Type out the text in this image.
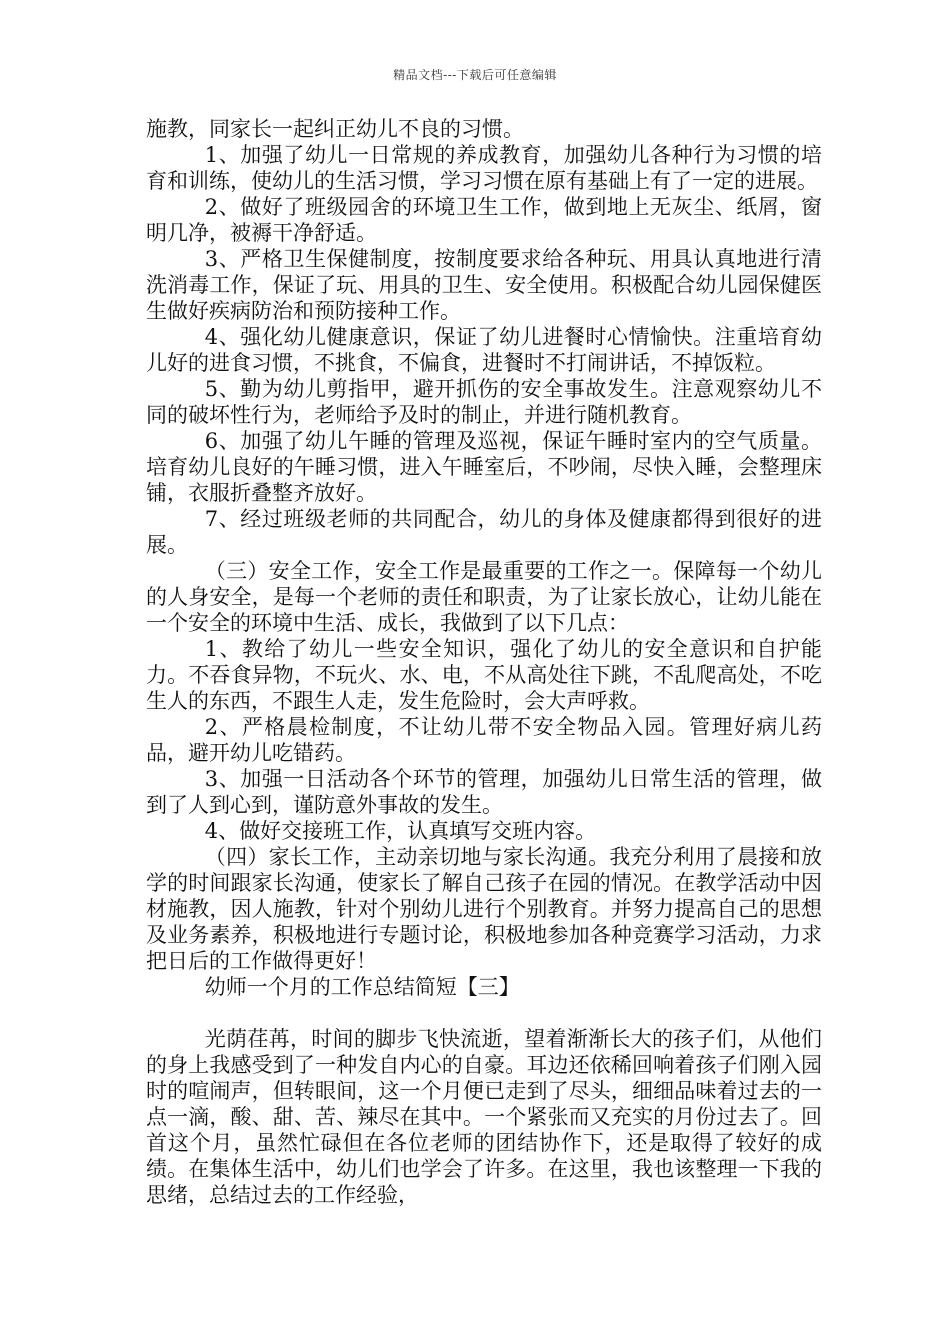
精品文档---下载后可任意编辑

施教，同家长一起纠正幼儿不良的习惯。

1、加强了幼儿一日常规的养成教育，加强幼儿各种行为习惯的培育和训练，使幼儿的生活习惯，学习习惯在原有基础上有了一定的进展。

2、做好了班级园舍的环境卫生工作，做到地上无灰尘、纸屑，窗明几净，被褥干净舒适。

3、严格卫生保健制度，按制度要求给各种玩、用具认真地进行清洗消毒工作，保证了玩、用具的卫生、安全使用。积极配合幼儿园保健医生做好疾病防治和预防接种工作。

4、强化幼儿健康意识，保证了幼儿进餐时心情愉快。注重培育幼儿好的进食习惯，不挑食，不偏食，进餐时不打闹讲话，不掉饭粒。

5、勤为幼儿剪指甲，避开抓伤的安全事故发生。注意观察幼儿不同的破坏性行为，老师给予及时的制止，并进行随机教育。

6、加强了幼儿午睡的管理及巡视，保证午睡时室内的空气质量。培育幼儿良好的午睡习惯，进入午睡室后，不吵闹，尽快入睡，会整理床铺，衣服折叠整齐放好。

7、经过班级老师的共同配合，幼儿的身体及健康都得到很好的进展。

（三）安全工作，安全工作是最重要的工作之一。保障每一个幼儿的人身安全，是每一个老师的责任和职责，为了让家长放心，让幼儿能在一个安全的环境中生活、成长，我做到了以下几点：

1、教给了幼儿一些安全知识，强化了幼儿的安全意识和自护能力。不吞食异物，不玩火、水、电，不从高处往下跳，不乱爬高处，不吃生人的东西，不跟生人走，发生危险时，会大声呼救。

2、严格晨检制度，不让幼儿带不安全物品入园。管理好病儿药品，避开幼儿吃错药。

3、加强一日活动各个环节的管理，加强幼儿日常生活的管理，做到了人到心到，谨防意外事故的发生。

4、做好交接班工作，认真填写交班内容。

（四）家长工作，主动亲切地与家长沟通。我充分利用了晨接和放学的时间跟家长沟通，使家长了解自己孩子在园的情况。在教学活动中因材施教，因人施教，针对个别幼儿进行个别教育。并努力提高自己的思想及业务素养，积极地进行专题讨论，积极地参加各种竞赛学习活动，力求把日后的工作做得更好！

幼师一个月的工作总结简短【三】

光荫荏苒，时间的脚步飞快流逝，望着渐渐长大的孩子们，从他们的身上我感受到了一种发自内心的自豪。耳边还依稀回响着孩子们刚入园时的喧闹声，但转眼间，这一个月便已走到了尽头，细细品味着过去的一点一滴，酸、甜、苦、辣尽在其中。一个紧张而又充实的月份过去了。回首这个月，虽然忙碌但在各位老师的团结协作下，还是取得了较好的成绩。在集体生活中，幼儿们也学会了许多。在这里，我也该整理一下我的思绪，总结过去的工作经验，
